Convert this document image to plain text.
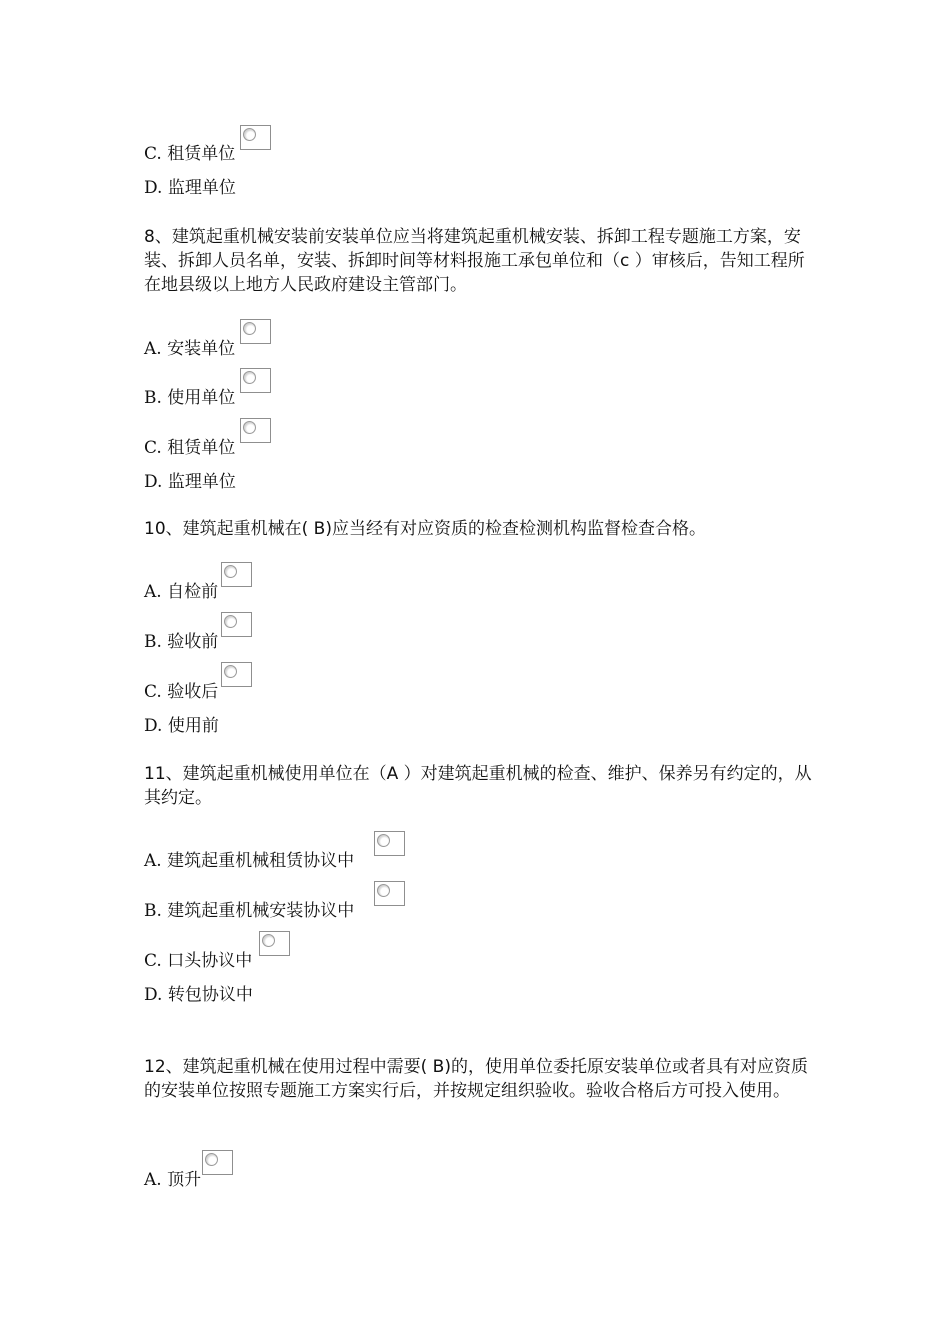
C. 租赁单位
D. 监理单位
8、建筑起重机械安装前安装单位应当将建筑起重机械安装、拆卸工程专题施工方案，安装、拆卸人员名单，安装、拆卸时间等材料报施工承包单位和（c ）审核后，告知工程所在地县级以上地方人民政府建设主管部门。
A. 安装单位
B. 使用单位
C. 租赁单位
D. 监理单位
10、建筑起重机械在( B)应当经有对应资质的检查检测机构监督检查合格。
A. 自检前
B. 验收前
C. 验收后
D. 使用前
11、建筑起重机械使用单位在（A ）对建筑起重机械的检查、维护、保养另有约定的，从其约定。
A. 建筑起重机械租赁协议中
B. 建筑起重机械安装协议中
C. 口头协议中
D. 转包协议中
12、建筑起重机械在使用过程中需要( B)的，使用单位委托原安装单位或者具有对应资质的安装单位按照专题施工方案实行后，并按规定组织验收。验收合格后方可投入使用。
A. 顶升
